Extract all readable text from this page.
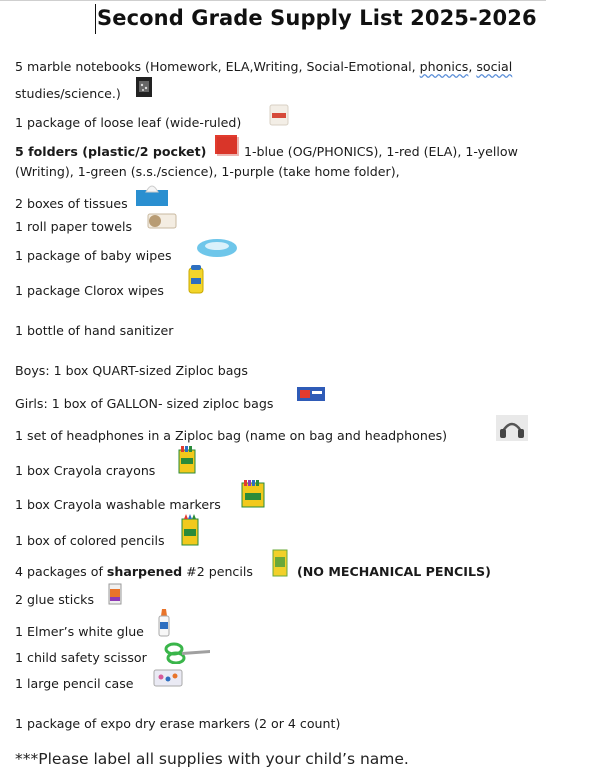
Second Grade Supply List 2025-2026
5 marble notebooks (Homework, ELA,Writing, Social-Emotional, phonics, social
studies/science.)
1 package of loose leaf (wide-ruled)
5 folders (plastic/2 pocket)	1-blue (OG/PHONICS), 1-red (ELA), 1-yellow
(Writing), 1-green (s.s./science), 1-purple (take home folder),
2 boxes of tissues
1 roll paper towels
1 package of baby wipes
1 package Clorox wipes
1 bottle of hand sanitizer
Boys: 1 box QUART-sized Ziploc bags
Girls: 1 box of GALLON- sized ziploc bags
1 set of headphones in a Ziploc bag (name on bag and headphones)
1 box Crayola crayons
1 box Crayola washable markers
1 box of colored pencils
4 packages of sharpened #2 pencils	(NO MECHANICAL PENCILS)
2 glue sticks
1 Elmer’s white glue
1 child safety scissor
1 large pencil case
1 package of expo dry erase markers (2 or 4 count)
***Please label all supplies with your child’s name.
